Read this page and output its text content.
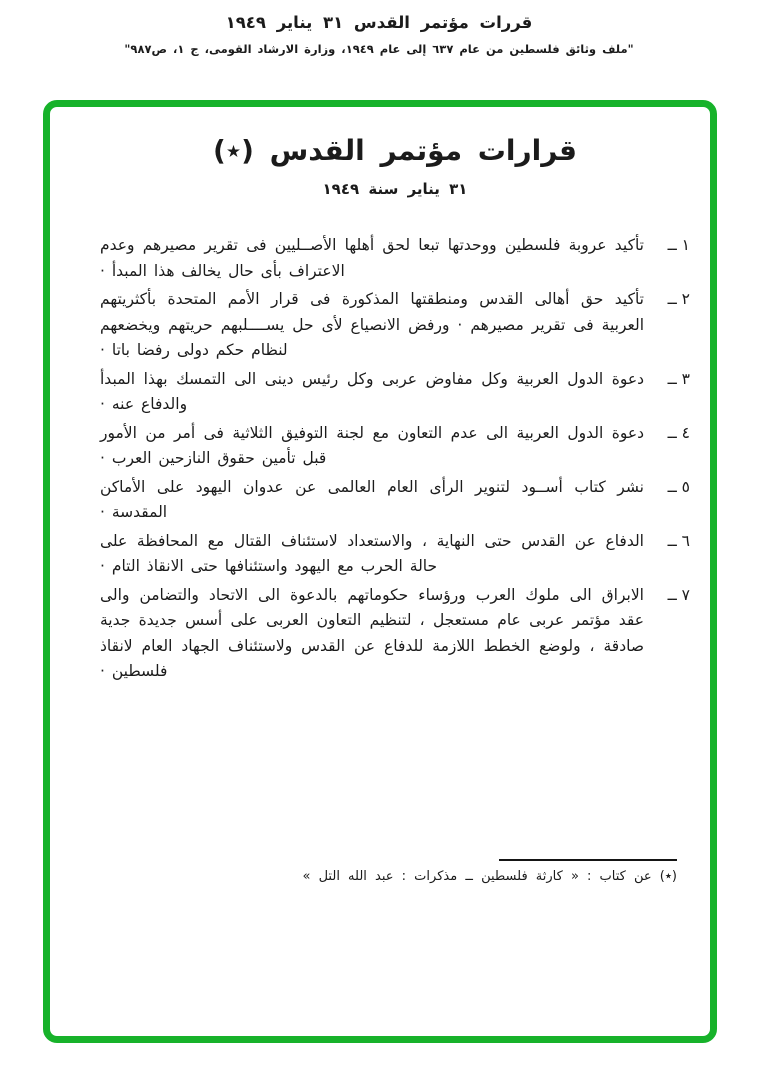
قررات مؤتمر القدس ٣١ يناير ١٩٤٩
"ملف وثائق فلسطين من عام ٦٣٧ إلى عام ١٩٤٩، وزارة الارشاد القومى، ج ١، ص٩٨٧"
قرارات مؤتمر القدس (٭)
٣١ يناير سنة ١٩٤٩
١ ــ

تأكيد عروبة فلسطين ووحدتها تبعا لحق أهلها الأصــليين فى تقرير مصيرهم وعدم الاعتراف بأى حال يخالف هذا المبدأ ·

٢ ــ

تأكيد حق أهالى القدس ومنطقتها المذكورة فى قرار الأمم المتحدة بأكثريتهم العربية فى تقرير مصيرهم · ورفض الانصياع لأى حل يســــلبهم حريتهم ويخضعهم لنظام حكم دولى رفضا باتا ·

٣ ــ

دعوة الدول العربية وكل مفاوض عربى وكل رئيس دينى الى التمسك بهذا المبدأ والدفاع عنه ·

٤ ــ

دعوة الدول العربية الى عدم التعاون مع لجنة التوفيق الثلاثية فى أمر من الأمور قبل تأمين حقوق النازحين العرب ·

٥ ــ

نشر كتاب أســود لتنوير الرأى العام العالمى عن عدوان اليهود على الأماكن المقدسة ·

٦ ــ

الدفاع عن القدس حتى النهاية ، والاستعداد لاستئناف القتال مع المحافظة على حالة الحرب مع اليهود واستئنافها حتى الانقاذ التام ·

٧ ــ

الابراق الى ملوك العرب ورؤساء حكوماتهم بالدعوة الى الاتحاد والتضامن والى عقد مؤتمر عربى عام مستعجل ، لتنظيم التعاون العربى على أسس جديدة جدية صادقة ، ولوضع الخطط اللازمة للدفاع عن القدس ولاستئناف الجهاد العام لانقاذ فلسطين ·

(٭) عن كتاب : « كارثة فلسطين ــ مذكرات : عبد الله التل »
